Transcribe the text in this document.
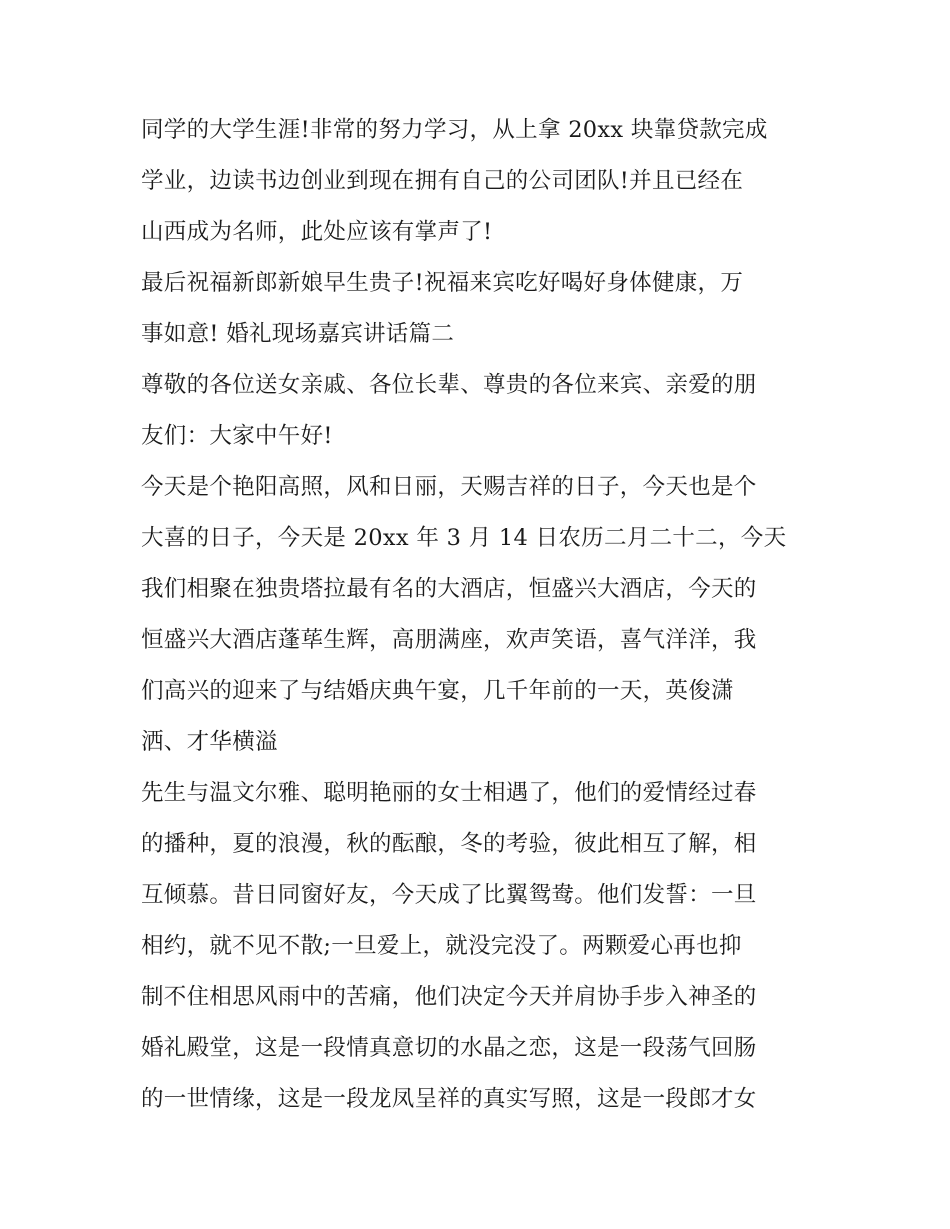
同学的大学生涯!非常的努力学习，从上拿 20xx 块靠贷款完成
学业，边读书边创业到现在拥有自己的公司团队!并且已经在
山西成为名师，此处应该有掌声了!
最后祝福新郎新娘早生贵子!祝福来宾吃好喝好身体健康，万
事如意! 婚礼现场嘉宾讲话篇二
尊敬的各位送女亲戚、各位长辈、尊贵的各位来宾、亲爱的朋
友们：大家中午好!
今天是个艳阳高照，风和日丽，天赐吉祥的日子，今天也是个
大喜的日子，今天是 20xx 年 3 月 14 日农历二月二十二，今天
我们相聚在独贵塔拉最有名的大酒店，恒盛兴大酒店，今天的
恒盛兴大酒店蓬荜生辉，高朋满座，欢声笑语，喜气洋洋，我
们高兴的迎来了与结婚庆典午宴，几千年前的一天，英俊潇
洒、才华横溢
先生与温文尔雅、聪明艳丽的女士相遇了，他们的爱情经过春
的播种，夏的浪漫，秋的酝酿，冬的考验，彼此相互了解，相
互倾慕。昔日同窗好友，今天成了比翼鸳鸯。他们发誓：一旦
相约，就不见不散;一旦爱上，就没完没了。两颗爱心再也抑
制不住相思风雨中的苦痛，他们决定今天并肩协手步入神圣的
婚礼殿堂，这是一段情真意切的水晶之恋，这是一段荡气回肠
的一世情缘，这是一段龙凤呈祥的真实写照，这是一段郎才女
